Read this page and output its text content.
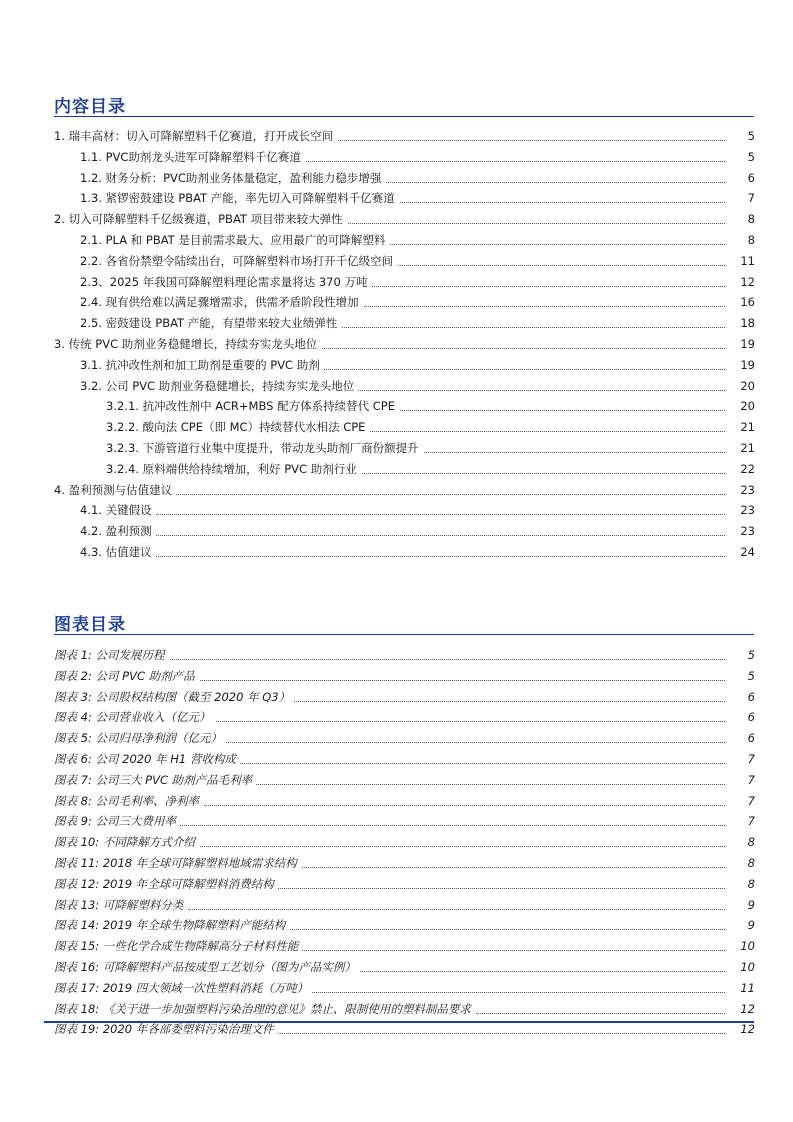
内容目录
1. 瑞丰高材：切入可降解塑料千亿赛道，打开成长空间	5
1.1. PVC助剂龙头进军可降解塑料千亿赛道	5
1.2. 财务分析：PVC助剂业务体量稳定，盈利能力稳步增强	6
1.3. 紧锣密鼓建设 PBAT 产能，率先切入可降解塑料千亿赛道	7
2. 切入可降解塑料千亿级赛道，PBAT 项目带来较大弹性	8
2.1. PLA 和 PBAT 是目前需求最大、应用最广的可降解塑料	8
2.2. 各省份禁塑令陆续出台，可降解塑料市场打开千亿级空间	11
2.3、2025 年我国可降解塑料理论需求量将达 370 万吨	12
2.4. 现有供给难以满足骤增需求，供需矛盾阶段性增加	16
2.5. 密鼓建设 PBAT 产能，有望带来较大业绩弹性	18
3. 传统 PVC 助剂业务稳健增长，持续夯实龙头地位	19
3.1. 抗冲改性剂和加工助剂是重要的 PVC 助剂	19
3.2. 公司 PVC 助剂业务稳健增长，持续夯实龙头地位	20
3.2.1. 抗冲改性剂中 ACR+MBS 配方体系持续替代 CPE	20
3.2.2. 酸向法 CPE（即 MC）持续替代水相法 CPE	21
3.2.3. 下游管道行业集中度提升，带动龙头助剂厂商份额提升	21
3.2.4. 原料端供给持续增加，利好 PVC 助剂行业	22
4. 盈利预测与估值建议	23
4.1. 关键假设	23
4.2. 盈利预测	23
4.3. 估值建议	24
图表目录
图表 1: 公司发展历程	5
图表 2: 公司 PVC 助剂产品	5
图表 3: 公司股权结构图（截至 2020 年 Q3）	6
图表 4: 公司营业收入（亿元）	6
图表 5: 公司归母净利润（亿元）	6
图表 6: 公司 2020 年 H1 营收构成	7
图表 7: 公司三大 PVC 助剂产品毛利率	7
图表 8: 公司毛利率、净利率	7
图表 9: 公司三大费用率	7
图表 10: 不同降解方式介绍	8
图表 11: 2018 年全球可降解塑料地域需求结构	8
图表 12: 2019 年全球可降解塑料消费结构	8
图表 13: 可降解塑料分类	9
图表 14: 2019 年全球生物降解塑料产能结构	9
图表 15: 一些化学合成生物降解高分子材料性能	10
图表 16: 可降解塑料产品按成型工艺划分（图为产品实例）	10
图表 17: 2019 四大领域一次性塑料消耗（万吨）	11
图表 18: 《关于进一步加强塑料污染治理的意见》禁止、限制使用的塑料制品要求	12
图表 19: 2020 年各部委塑料污染治理文件	12
